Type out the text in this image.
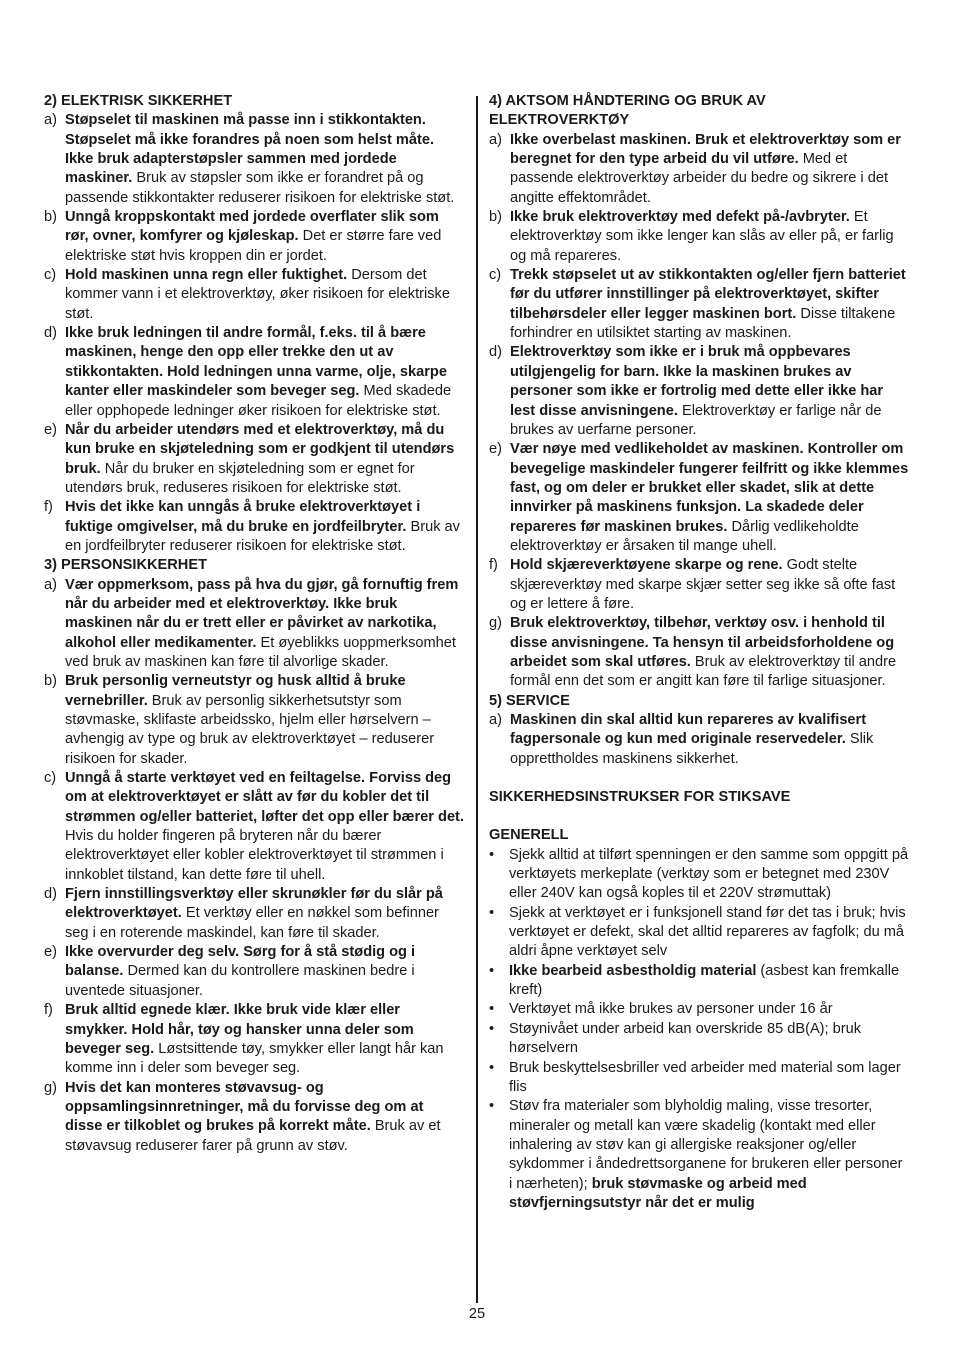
2) ELEKTRISK SIKKERHET

a) Støpselet til maskinen må passe inn i stikkontakten. Støpselet må ikke forandres på noen som helst måte. Ikke bruk adapterstøpsler sammen med jordede maskiner. Bruk av støpsler som ikke er forandret på og passende stikkontakter reduserer risikoen for elektriske støt.
b) Unngå kroppskontakt med jordede overflater slik som rør, ovner, komfyrer og kjøleskap. Det er større fare ved elektriske støt hvis kroppen din er jordet.
c) Hold maskinen unna regn eller fuktighet. Dersom det kommer vann i et elektroverktøy, øker risikoen for elektriske støt.
d) Ikke bruk ledningen til andre formål, f.eks. til å bære maskinen, henge den opp eller trekke den ut av stikkontakten. Hold ledningen unna varme, olje, skarpe kanter eller maskindeler som beveger seg. Med skadede eller opphopede ledninger øker risikoen for elektriske støt.
e) Når du arbeider utendørs med et elektroverktøy, må du kun bruke en skjøteledning som er godkjent til utendørs bruk. Når du bruker en skjøteledning som er egnet for utendørs bruk, reduseres risikoen for elektriske støt.
f) Hvis det ikke kan unngås å bruke elektroverktøyet i fuktige omgivelser, må du bruke en jordfeilbryter. Bruk av en jordfeilbryter reduserer risikoen for elektriske støt.

3) PERSONSIKKERHET

a) Vær oppmerksom, pass på hva du gjør, gå fornuftig frem når du arbeider med et elektroverktøy. Ikke bruk maskinen når du er trett eller er påvirket av narkotika, alkohol eller medikamenter. Et øyeblikks uoppmerksomhet ved bruk av maskinen kan føre til alvorlige skader.
b) Bruk personlig verneutstyr og husk alltid å bruke vernebriller. Bruk av personlig sikkerhetsutstyr som støvmaske, sklifaste arbeidssko, hjelm eller hørselvern – avhengig av type og bruk av elektroverktøyet – reduserer risikoen for skader.
c) Unngå å starte verktøyet ved en feiltagelse. Forviss deg om at elektroverktøyet er slått av før du kobler det til strømmen og/eller batteriet, løfter det opp eller bærer det. Hvis du holder fingeren på bryteren når du bærer elektroverktøyet eller kobler elektroverktøyet til strømmen i innkoblet tilstand, kan dette føre til uhell.
d) Fjern innstillingsverktøy eller skrunøkler før du slår på elektroverktøyet. Et verktøy eller en nøkkel som befinner seg i en roterende maskindel, kan føre til skader.
e) Ikke overvurder deg selv. Sørg for å stå stødig og i balanse. Dermed kan du kontrollere maskinen bedre i uventede situasjoner.
f) Bruk alltid egnede klær. Ikke bruk vide klær eller smykker. Hold hår, tøy og hansker unna deler som beveger seg. Løstsittende tøy, smykker eller langt hår kan komme inn i deler som beveger seg.
g) Hvis det kan monteres støvavsug- og oppsamlingsinnretninger, må du forvisse deg om at disse er tilkoblet og brukes på korrekt måte. Bruk av et støvavsug reduserer farer på grunn av støv.

4) AKTSOM HÅNDTERING OG BRUK AV ELEKTROVERKTØY

a) Ikke overbelast maskinen. Bruk et elektroverktøy som er beregnet for den type arbeid du vil utføre. Med et passende elektroverktøy arbeider du bedre og sikrere i det angitte effektområdet.
b) Ikke bruk elektroverktøy med defekt på-/avbryter. Et elektroverktøy som ikke lenger kan slås av eller på, er farlig og må repareres.
c) Trekk støpselet ut av stikkontakten og/eller fjern batteriet før du utfører innstillinger på elektroverktøyet, skifter tilbehørsdeler eller legger maskinen bort. Disse tiltakene forhindrer en utilsiktet starting av maskinen.
d) Elektroverktøy som ikke er i bruk må oppbevares utilgjengelig for barn. Ikke la maskinen brukes av personer som ikke er fortrolig med dette eller ikke har lest disse anvisningene. Elektroverktøy er farlige når de brukes av uerfarne personer.
e) Vær nøye med vedlikeholdet av maskinen. Kontroller om bevegelige maskindeler fungerer feilfritt og ikke klemmes fast, og om deler er brukket eller skadet, slik at dette innvirker på maskinens funksjon. La skadede deler repareres før maskinen brukes. Dårlig vedlikeholdte elektroverktøy er årsaken til mange uhell.
f) Hold skjæreverktøyene skarpe og rene. Godt stelte skjæreverktøy med skarpe skjær setter seg ikke så ofte fast og er lettere å føre.
g) Bruk elektroverktøy, tilbehør, verktøy osv. i henhold til disse anvisningene. Ta hensyn til arbeidsforholdene og arbeidet som skal utføres. Bruk av elektroverktøy til andre formål enn det som er angitt kan føre til farlige situasjoner.

5) SERVICE

a) Maskinen din skal alltid kun repareres av kvalifisert fagpersonale og kun med originale reservedeler. Slik opprettholdes maskinens sikkerhet.

SIKKERHEDSINSTRUKSER FOR STIKSAVE

GENERELL

•	Sjekk alltid at tilført spenningen er den samme som oppgitt på verktøyets merkeplate (verktøy som er betegnet med 230V eller 240V kan også koples til et 220V strømuttak)
•	Sjekk at verktøyet er i funksjonell stand før det tas i bruk; hvis verktøyet er defekt, skal det alltid repareres av fagfolk; du må aldri åpne verktøyet selv
•	Ikke bearbeid asbestholdig material (asbest kan fremkalle kreft)
•	Verktøyet må ikke brukes av personer under 16 år
•	Støynivået under arbeid kan overskride 85 dB(A); bruk hørselvern
•	Bruk beskyttelsesbriller ved arbeider med material som lager flis
•	Støv fra materialer som blyholdig maling, visse tresorter, mineraler og metall kan være skadelig (kontakt med eller inhalering av støv kan gi allergiske reaksjoner og/eller sykdommer i åndedrettsorganene for brukeren eller personer i nærheten); bruk støvmaske og arbeid med støvfjerningsutstyr når det er mulig
25
